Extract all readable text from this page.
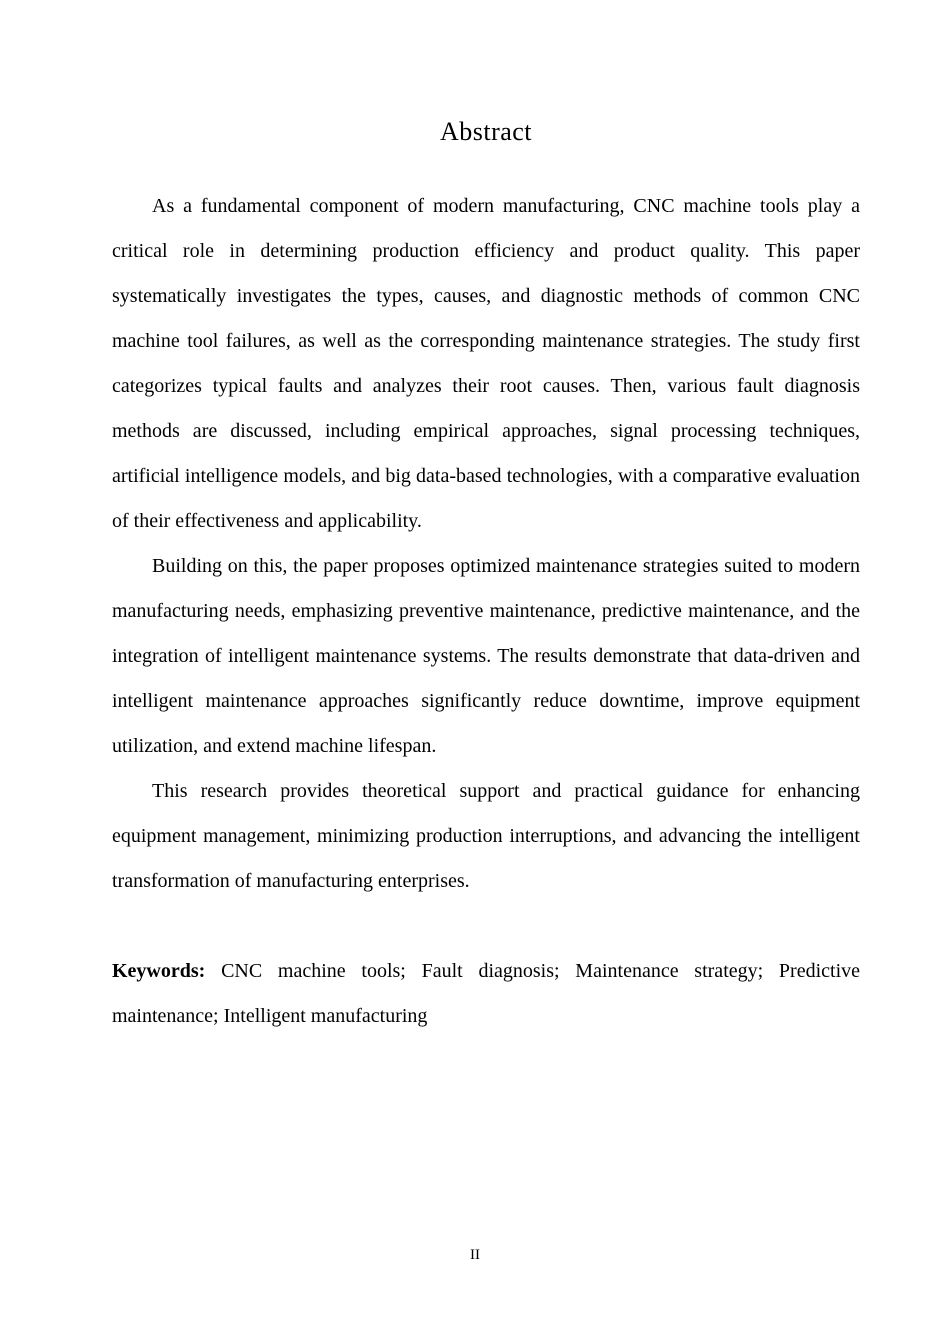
Abstract

As a fundamental component of modern manufacturing, CNC machine tools play a critical role in determining production efficiency and product quality. This paper systematically investigates the types, causes, and diagnostic methods of common CNC machine tool failures, as well as the corresponding maintenance strategies. The study first categorizes typical faults and analyzes their root causes. Then, various fault diagnosis methods are discussed, including empirical approaches, signal processing techniques, artificial intelligence models, and big data-based technologies, with a comparative evaluation of their effectiveness and applicability.

Building on this, the paper proposes optimized maintenance strategies suited to modern manufacturing needs, emphasizing preventive maintenance, predictive maintenance, and the integration of intelligent maintenance systems. The results demonstrate that data-driven and intelligent maintenance approaches significantly reduce downtime, improve equipment utilization, and extend machine lifespan.

This research provides theoretical support and practical guidance for enhancing equipment management, minimizing production interruptions, and advancing the intelligent transformation of manufacturing enterprises.

Keywords: CNC machine tools; Fault diagnosis; Maintenance strategy; Predictive maintenance; Intelligent manufacturing

II
